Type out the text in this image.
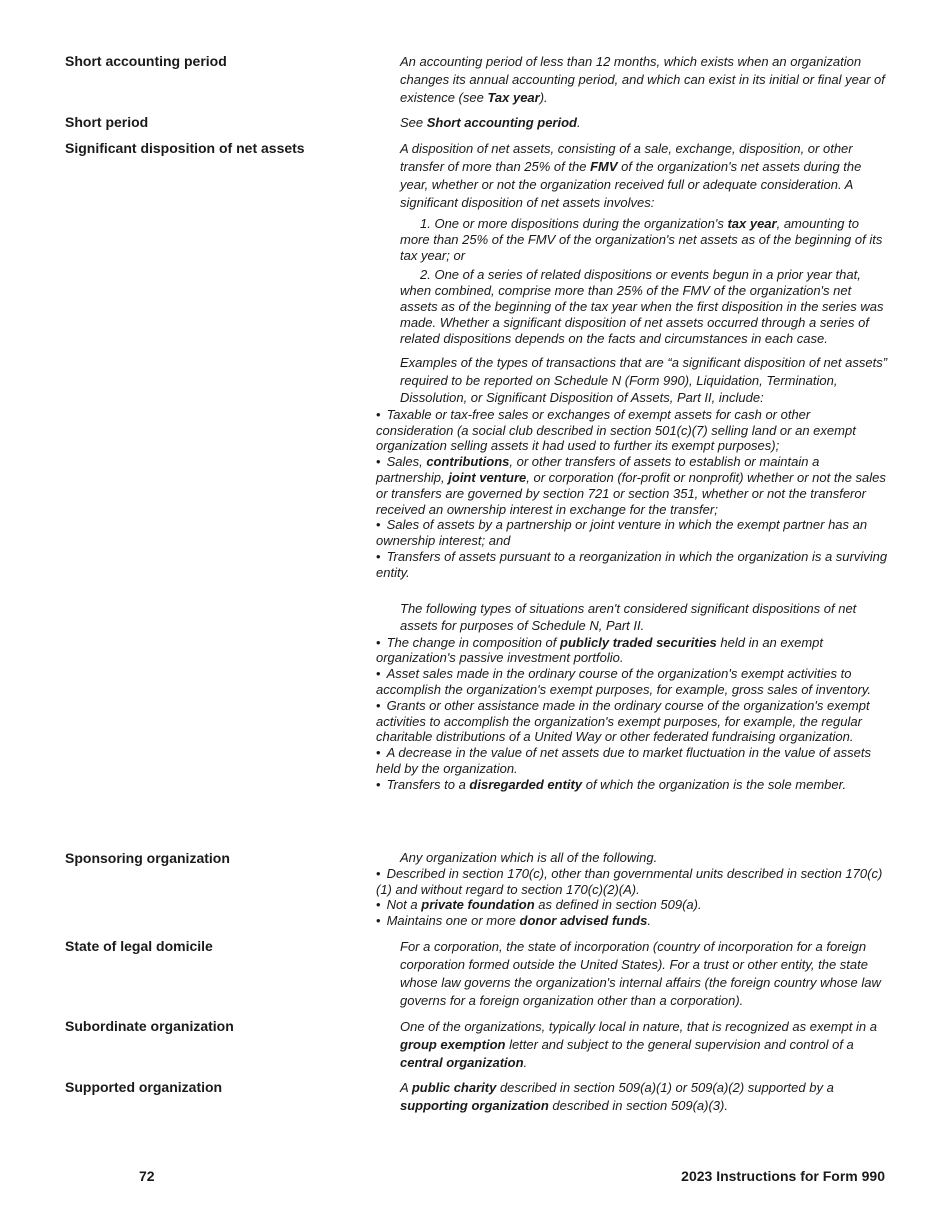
Short accounting period	An accounting period of less than 12 months, which exists when an organization changes its annual accounting period, and which can exist in its initial or final year of existence (see Tax year).

Short period	See Short accounting period.

Significant disposition of net assets	A disposition of net assets, consisting of a sale, exchange, disposition, or other transfer of more than 25% of the FMV of the organization's net assets during the year, whether or not the organization received full or adequate consideration. A significant disposition of net assets involves:

1. One or more dispositions during the organization's tax year, amounting to more than 25% of the FMV of the organization's net assets as of the beginning of its tax year; or

2. One of a series of related dispositions or events begun in a prior year that, when combined, comprise more than 25% of the FMV of the organization's net assets as of the beginning of the tax year when the first disposition in the series was made. Whether a significant disposition of net assets occurred through a series of related dispositions depends on the facts and circumstances in each case.

Examples of the types of transactions that are “a significant disposition of net assets” required to be reported on Schedule N (Form 990), Liquidation, Termination, Dissolution, or Significant Disposition of Assets, Part II, include:

• Taxable or tax-free sales or exchanges of exempt assets for cash or other consideration (a social club described in section 501(c)(7) selling land or an exempt organization selling assets it had used to further its exempt purposes);

• Sales, contributions, or other transfers of assets to establish or maintain a partnership, joint venture, or corporation (for-profit or nonprofit) whether or not the sales or transfers are governed by section 721 or section 351, whether or not the transferor received an ownership interest in exchange for the transfer;

• Sales of assets by a partnership or joint venture in which the exempt partner has an ownership interest; and

• Transfers of assets pursuant to a reorganization in which the organization is a surviving entity.

The following types of situations aren't considered significant dispositions of net assets for purposes of Schedule N, Part II.

• The change in composition of publicly traded securities held in an exempt organization's passive investment portfolio.

• Asset sales made in the ordinary course of the organization's exempt activities to accomplish the organization's exempt purposes, for example, gross sales of inventory.

• Grants or other assistance made in the ordinary course of the organization's exempt activities to accomplish the organization's exempt purposes, for example, the regular charitable distributions of a United Way or other federated fundraising organization.

• A decrease in the value of net assets due to market fluctuation in the value of assets held by the organization.

• Transfers to a disregarded entity of which the organization is the sole member.

Sponsoring organization	Any organization which is all of the following.

• Described in section 170(c), other than governmental units described in section 170(c)(1) and without regard to section 170(c)(2)(A).

• Not a private foundation as defined in section 509(a).

• Maintains one or more donor advised funds.

State of legal domicile	For a corporation, the state of incorporation (country of incorporation for a foreign corporation formed outside the United States). For a trust or other entity, the state whose law governs the organization's internal affairs (the foreign country whose law governs for a foreign organization other than a corporation).

Subordinate organization	One of the organizations, typically local in nature, that is recognized as exempt in a group exemption letter and subject to the general supervision and control of a central organization.

Supported organization	A public charity described in section 509(a)(1) or 509(a)(2) supported by a supporting organization described in section 509(a)(3).

72	2023 Instructions for Form 990
